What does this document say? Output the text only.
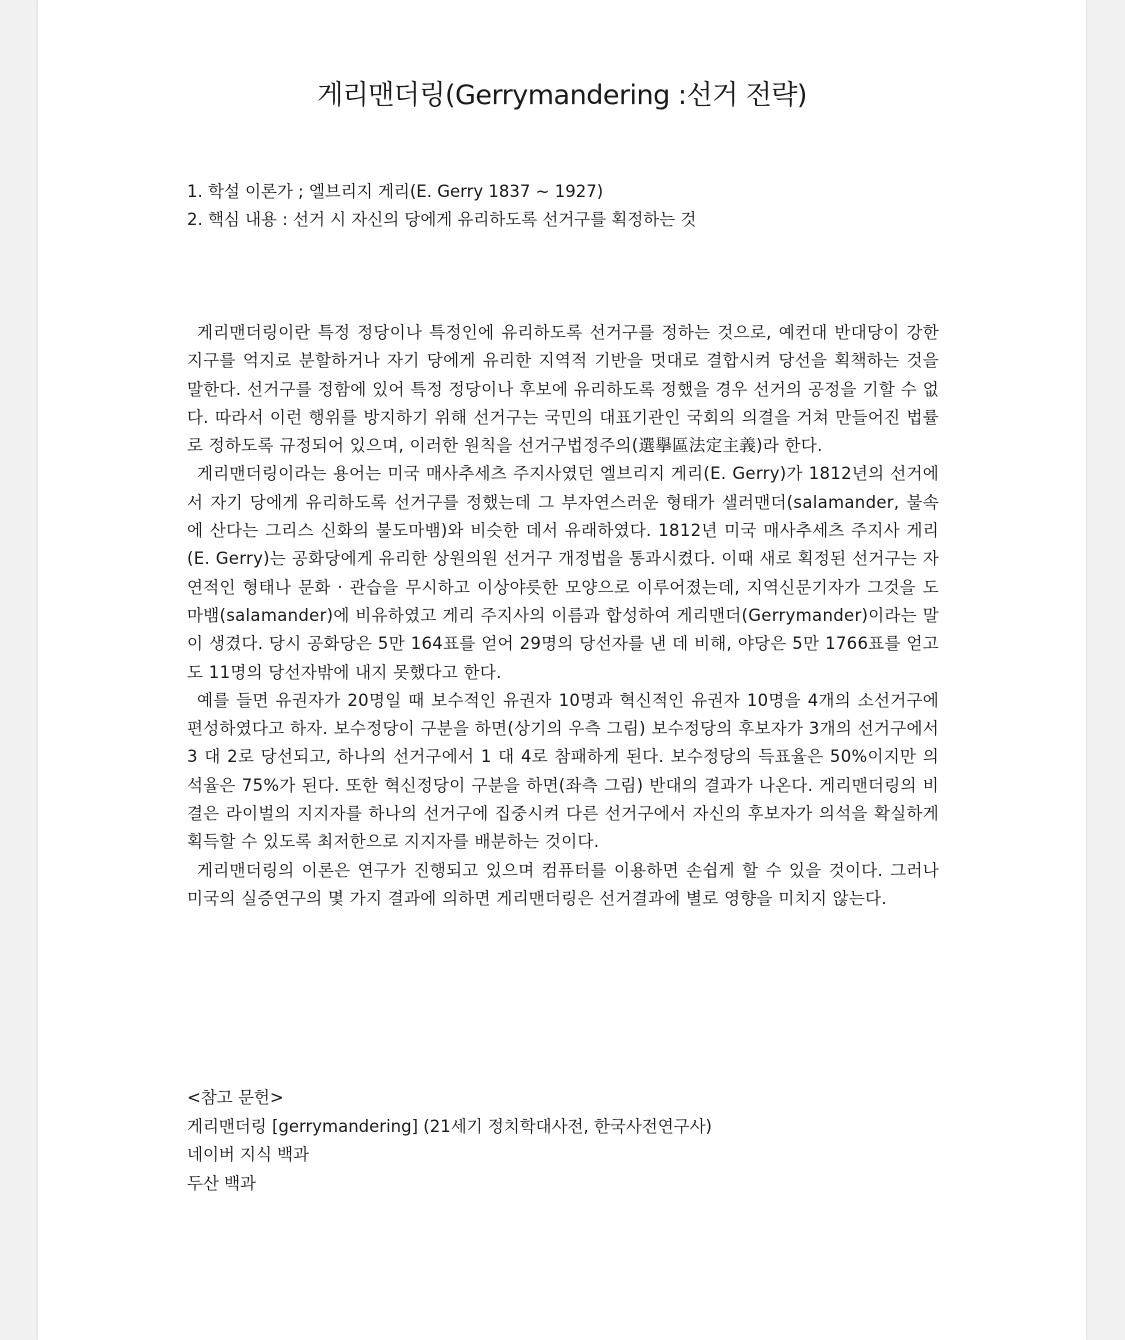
게리맨더링(Gerrymandering :선거 전략)
1. 학설 이론가 ; 엘브리지 게리(E. Gerry 1837 ~ 1927)
2. 핵심 내용 : 선거 시 자신의 당에게 유리하도록 선거구를 획정하는 것

게리맨더링이란 특정 정당이나 특정인에 유리하도록 선거구를 정하는 것으로, 예컨대 반대당이 강한 지구를 억지로 분할하거나 자기 당에게 유리한 지역적 기반을 멋대로 결합시켜 당선을 획책하는 것을 말한다. 선거구를 정함에 있어 특정 정당이나 후보에 유리하도록 정했을 경우 선거의 공정을 기할 수 없다. 따라서 이런 행위를 방지하기 위해 선거구는 국민의 대표기관인 국회의 의결을 거쳐 만들어진 법률로 정하도록 규정되어 있으며, 이러한 원칙을 선거구법정주의(選擧區法定主義)라 한다.

게리맨더링이라는 용어는 미국 매사추세츠 주지사였던 엘브리지 게리(E. Gerry)가 1812년의 선거에서 자기 당에게 유리하도록 선거구를 정했는데 그 부자연스러운 형태가 샐러맨더(salamander, 불속에 산다는 그리스 신화의 불도마뱀)와 비슷한 데서 유래하였다. 1812년 미국 매사추세츠 주지사 게리(E. Gerry)는 공화당에게 유리한 상원의원 선거구 개정법을 통과시켰다. 이때 새로 획정된 선거구는 자연적인 형태나 문화 · 관습을 무시하고 이상야릇한 모양으로 이루어졌는데, 지역신문기자가 그것을 도마뱀(salamander)에 비유하였고 게리 주지사의 이름과 합성하여 게리맨더(Gerrymander)이라는 말이 생겼다. 당시 공화당은 5만 164표를 얻어 29명의 당선자를 낸 데 비해, 야당은 5만 1766표를 얻고도 11명의 당선자밖에 내지 못했다고 한다.

예를 들면 유권자가 20명일 때 보수적인 유권자 10명과 혁신적인 유권자 10명을 4개의 소선거구에 편성하였다고 하자. 보수정당이 구분을 하면(상기의 우측 그림) 보수정당의 후보자가 3개의 선거구에서 3 대 2로 당선되고, 하나의 선거구에서 1 대 4로 참패하게 된다. 보수정당의 득표율은 50%이지만 의석율은 75%가 된다. 또한 혁신정당이 구분을 하면(좌측 그림) 반대의 결과가 나온다. 게리맨더링의 비결은 라이벌의 지지자를 하나의 선거구에 집중시켜 다른 선거구에서 자신의 후보자가 의석을 확실하게 획득할 수 있도록 최저한으로 지지자를 배분하는 것이다.

게리맨더링의 이론은 연구가 진행되고 있으며 컴퓨터를 이용하면 손쉽게 할 수 있을 것이다. 그러나 미국의 실증연구의 몇 가지 결과에 의하면 게리맨더링은 선거결과에 별로 영향을 미치지 않는다.

<참고 문헌>
게리맨더링 [gerrymandering] (21세기 정치학대사전, 한국사전연구사)
네이버 지식 백과
두산 백과
